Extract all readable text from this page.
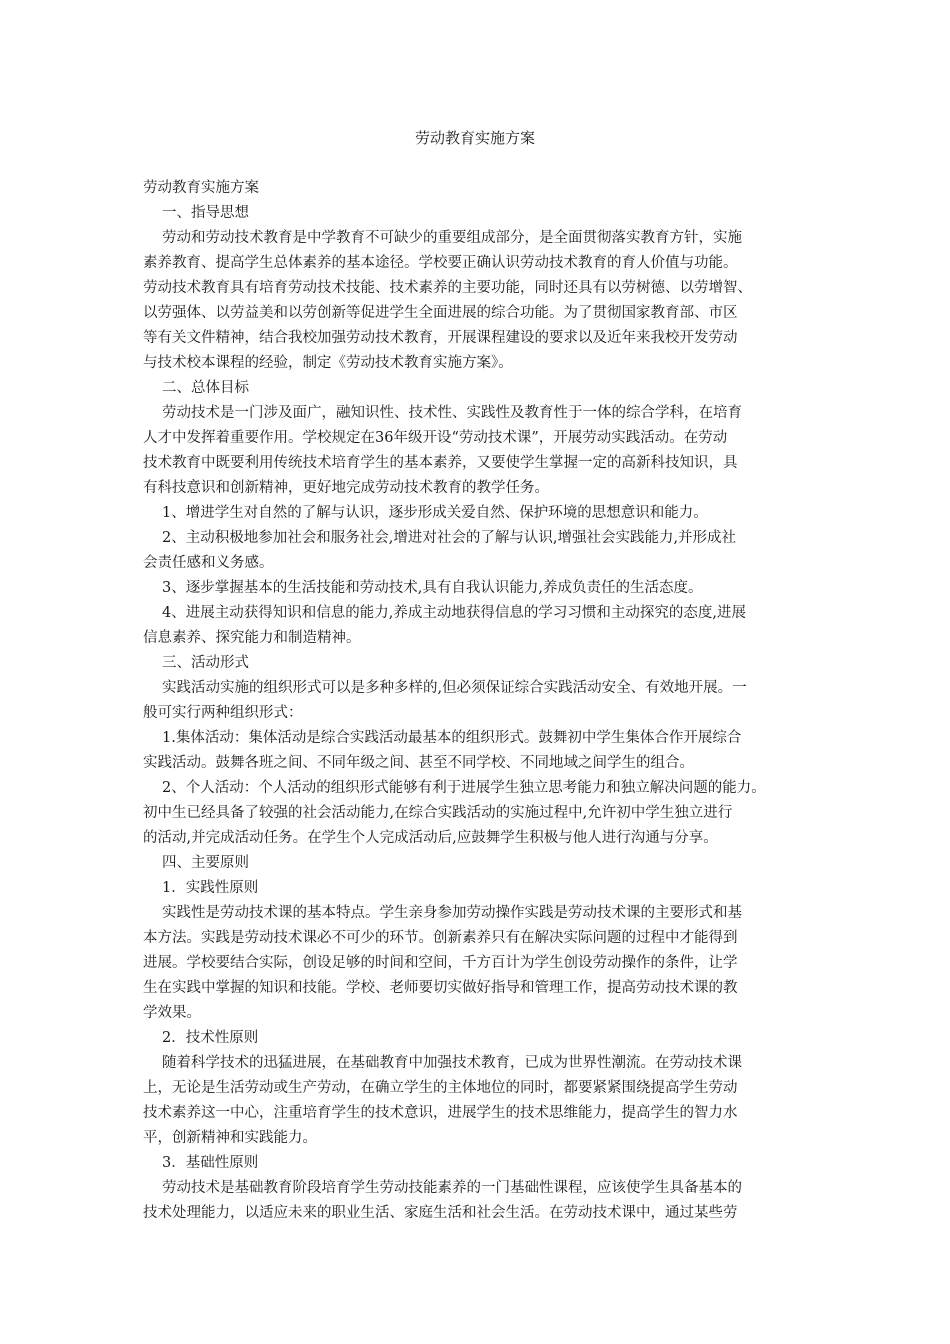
劳动教育实施方案

劳动教育实施方案

一、指导思想

劳动和劳动技术教育是中学教育不可缺少的重要组成部分，是全面贯彻落实教育方针，实施

素养教育、提高学生总体素养的基本途径。学校要正确认识劳动技术教育的育人价值与功能。

劳动技术教育具有培育劳动技术技能、技术素养的主要功能，同时还具有以劳树德、以劳增智、

以劳强体、以劳益美和以劳创新等促进学生全面进展的综合功能。为了贯彻国家教育部、市区

等有关文件精神，结合我校加强劳动技术教育，开展课程建设的要求以及近年来我校开发劳动

与技术校本课程的经验，制定《劳动技术教育实施方案》。

二、总体目标

劳动技术是一门涉及面广，融知识性、技术性、实践性及教育性于一体的综合学科，在培育

人才中发挥着重要作用。学校规定在36年级开设“劳动技术课”，开展劳动实践活动。在劳动

技术教育中既要利用传统技术培育学生的基本素养，又要使学生掌握一定的高新科技知识，具

有科技意识和创新精神，更好地完成劳动技术教育的教学任务。

1、增进学生对自然的了解与认识，逐步形成关爱自然、保护环境的思想意识和能力。

2、主动积极地参加社会和服务社会,增进对社会的了解与认识,增强社会实践能力,并形成社

会责任感和义务感。

3、逐步掌握基本的生活技能和劳动技术,具有自我认识能力,养成负责任的生活态度。

4、进展主动获得知识和信息的能力,养成主动地获得信息的学习习惯和主动探究的态度,进展

信息素养、探究能力和制造精神。

三、活动形式

实践活动实施的组织形式可以是多种多样的,但必须保证综合实践活动安全、有效地开展。一

般可实行两种组织形式：

1.集体活动：集体活动是综合实践活动最基本的组织形式。鼓舞初中学生集体合作开展综合

实践活动。鼓舞各班之间、不同年级之间、甚至不同学校、不同地域之间学生的组合。

2、个人活动：个人活动的组织形式能够有利于进展学生独立思考能力和独立解决问题的能力。

初中生已经具备了较强的社会活动能力,在综合实践活动的实施过程中,允许初中学生独立进行

的活动,并完成活动任务。在学生个人完成活动后,应鼓舞学生积极与他人进行沟通与分享。

四、主要原则

1．实践性原则

实践性是劳动技术课的基本特点。学生亲身参加劳动操作实践是劳动技术课的主要形式和基

本方法。实践是劳动技术课必不可少的环节。创新素养只有在解决实际问题的过程中才能得到

进展。学校要结合实际，创设足够的时间和空间，千方百计为学生创设劳动操作的条件，让学

生在实践中掌握的知识和技能。学校、老师要切实做好指导和管理工作，提高劳动技术课的教

学效果。

2．技术性原则

随着科学技术的迅猛进展，在基础教育中加强技术教育，已成为世界性潮流。在劳动技术课

上，无论是生活劳动或生产劳动，在确立学生的主体地位的同时，都要紧紧围绕提高学生劳动

技术素养这一中心，注重培育学生的技术意识，进展学生的技术思维能力，提高学生的智力水

平，创新精神和实践能力。

3．基础性原则

劳动技术是基础教育阶段培育学生劳动技能素养的一门基础性课程，应该使学生具备基本的

技术处理能力，以适应未来的职业生活、家庭生活和社会生活。在劳动技术课中，通过某些劳
